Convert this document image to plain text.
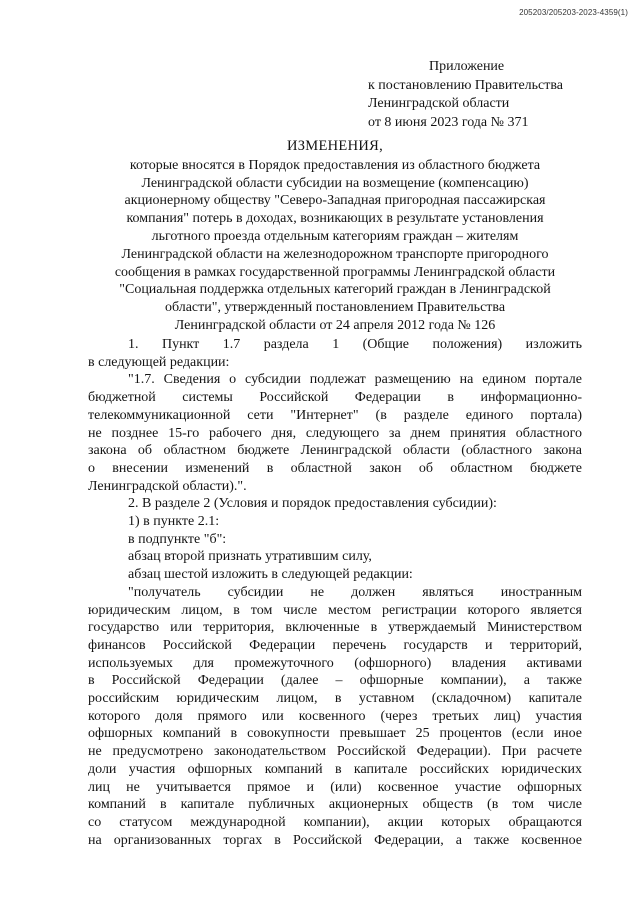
205203/205203-2023-4359(1)
Приложение
к постановлению Правительства
Ленинградской области
от 8 июня 2023 года № 371
ИЗМЕНЕНИЯ,
которые вносятся в Порядок предоставления из областного бюджета
Ленинградской области субсидии на возмещение (компенсацию)
акционерному обществу "Северо-Западная пригородная пассажирская
компания" потерь в доходах, возникающих в результате установления
льготного проезда отдельным категориям граждан – жителям
Ленинградской области на железнодорожном транспорте пригородного
сообщения в рамках государственной программы Ленинградской области
"Социальная поддержка отдельных категорий граждан в Ленинградской
области", утвержденный постановлением Правительства
Ленинградской области от 24 апреля 2012 года № 126

1. Пункт 1.7 раздела 1 (Общие положения) изложить

в следующей редакции:

"1.7. Сведения о субсидии подлежат размещению на едином портале

бюджетной системы Российской Федерации в информационно-

телекоммуникационной сети "Интернет" (в разделе единого портала)

не позднее 15-го рабочего дня, следующего за днем принятия областного

закона об областном бюджете Ленинградской области (областного закона

о внесении изменений в областной закон об областном бюджете

Ленинградской области).".

2. В разделе 2 (Условия и порядок предоставления субсидии):

1) в пункте 2.1:

в подпункте "б":

абзац второй признать утратившим силу,

абзац шестой изложить в следующей редакции:

"получатель субсидии не должен являться иностранным

юридическим лицом, в том числе местом регистрации которого является

государство или территория, включенные в утверждаемый Министерством

финансов Российской Федерации перечень государств и территорий,

используемых для промежуточного (офшорного) владения активами

в Российской Федерации (далее – офшорные компании), а также

российским юридическим лицом, в уставном (складочном) капитале

которого доля прямого или косвенного (через третьих лиц) участия

офшорных компаний в совокупности превышает 25 процентов (если иное

не предусмотрено законодательством Российской Федерации). При расчете

доли участия офшорных компаний в капитале российских юридических

лиц не учитывается прямое и (или) косвенное участие офшорных

компаний в капитале публичных акционерных обществ (в том числе

со статусом международной компании), акции которых обращаются

на организованных торгах в Российской Федерации, а также косвенное
